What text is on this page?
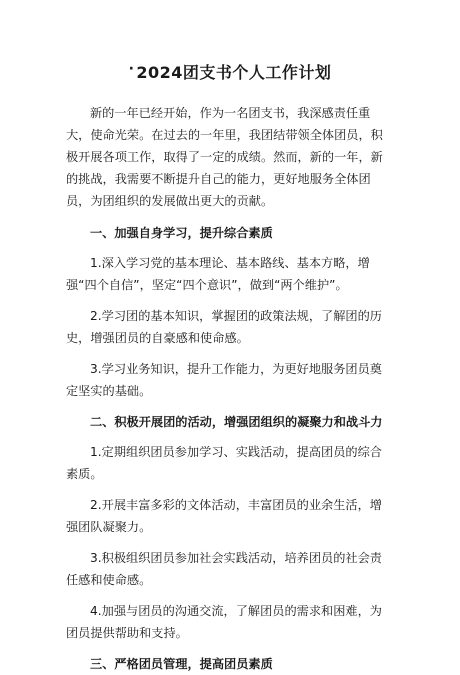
· 2024团支书个人工作计划

新的一年已经开始，作为一名团支书，我深感责任重大，使命光荣。在过去的一年里，我团结带领全体团员，积极开展各项工作，取得了一定的成绩。然而，新的一年，新的挑战，我需要不断提升自己的能力，更好地服务全体团员，为团组织的发展做出更大的贡献。

一、加强自身学习，提升综合素质

1.深入学习党的基本理论、基本路线、基本方略，增强“四个自信”，坚定“四个意识”，做到“两个维护”。

2.学习团的基本知识，掌握团的政策法规，了解团的历史，增强团员的自豪感和使命感。

3.学习业务知识，提升工作能力，为更好地服务团员奠定坚实的基础。

二、积极开展团的活动，增强团组织的凝聚力和战斗力

1.定期组织团员参加学习、实践活动，提高团员的综合素质。

2.开展丰富多彩的文体活动，丰富团员的业余生活，增强团队凝聚力。

3.积极组织团员参加社会实践活动，培养团员的社会责任感和使命感。

4.加强与团员的沟通交流，了解团员的需求和困难，为团员提供帮助和支持。

三、严格团员管理，提高团员素质
